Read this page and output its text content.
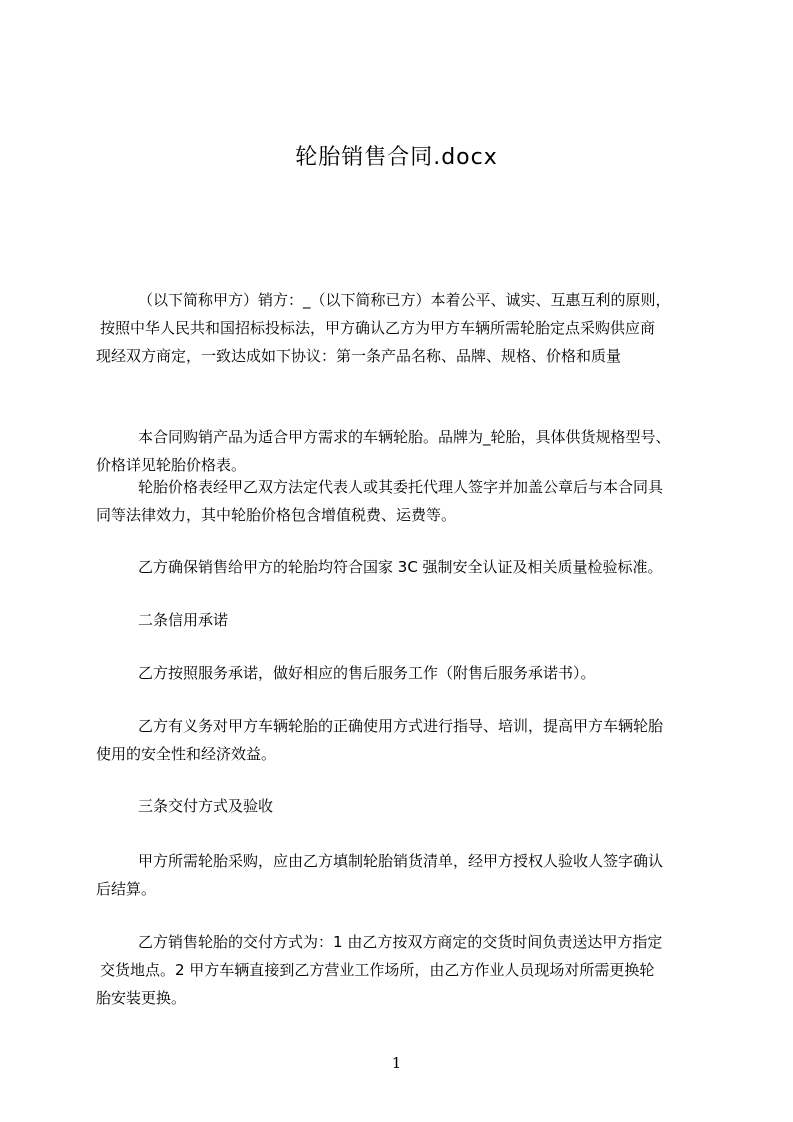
轮胎销售合同.docx
（以下简称甲方）销方：_（以下简称已方）本着公平、诚实、互惠互利的原则，
按照中华人民共和国招标投标法，甲方确认乙方为甲方车辆所需轮胎定点采购供应商
现经双方商定，一致达成如下协议：第一条产品名称、品牌、规格、价格和质量
本合同购销产品为适合甲方需求的车辆轮胎。品牌为_轮胎，具体供货规格型号、
价格详见轮胎价格表。
轮胎价格表经甲乙双方法定代表人或其委托代理人签字并加盖公章后与本合同具
同等法律效力，其中轮胎价格包含增值税费、运费等。
乙方确保销售给甲方的轮胎均符合国家 3C 强制安全认证及相关质量检验标准。
二条信用承诺
乙方按照服务承诺，做好相应的售后服务工作（附售后服务承诺书）。
乙方有义务对甲方车辆轮胎的正确使用方式进行指导、培训，提高甲方车辆轮胎
使用的安全性和经济效益。
三条交付方式及验收
甲方所需轮胎采购，应由乙方填制轮胎销货清单，经甲方授权人验收人签字确认
后结算。
乙方销售轮胎的交付方式为：1 由乙方按双方商定的交货时间负责送达甲方指定
交货地点。2 甲方车辆直接到乙方营业工作场所，由乙方作业人员现场对所需更换轮
胎安装更换。
1
